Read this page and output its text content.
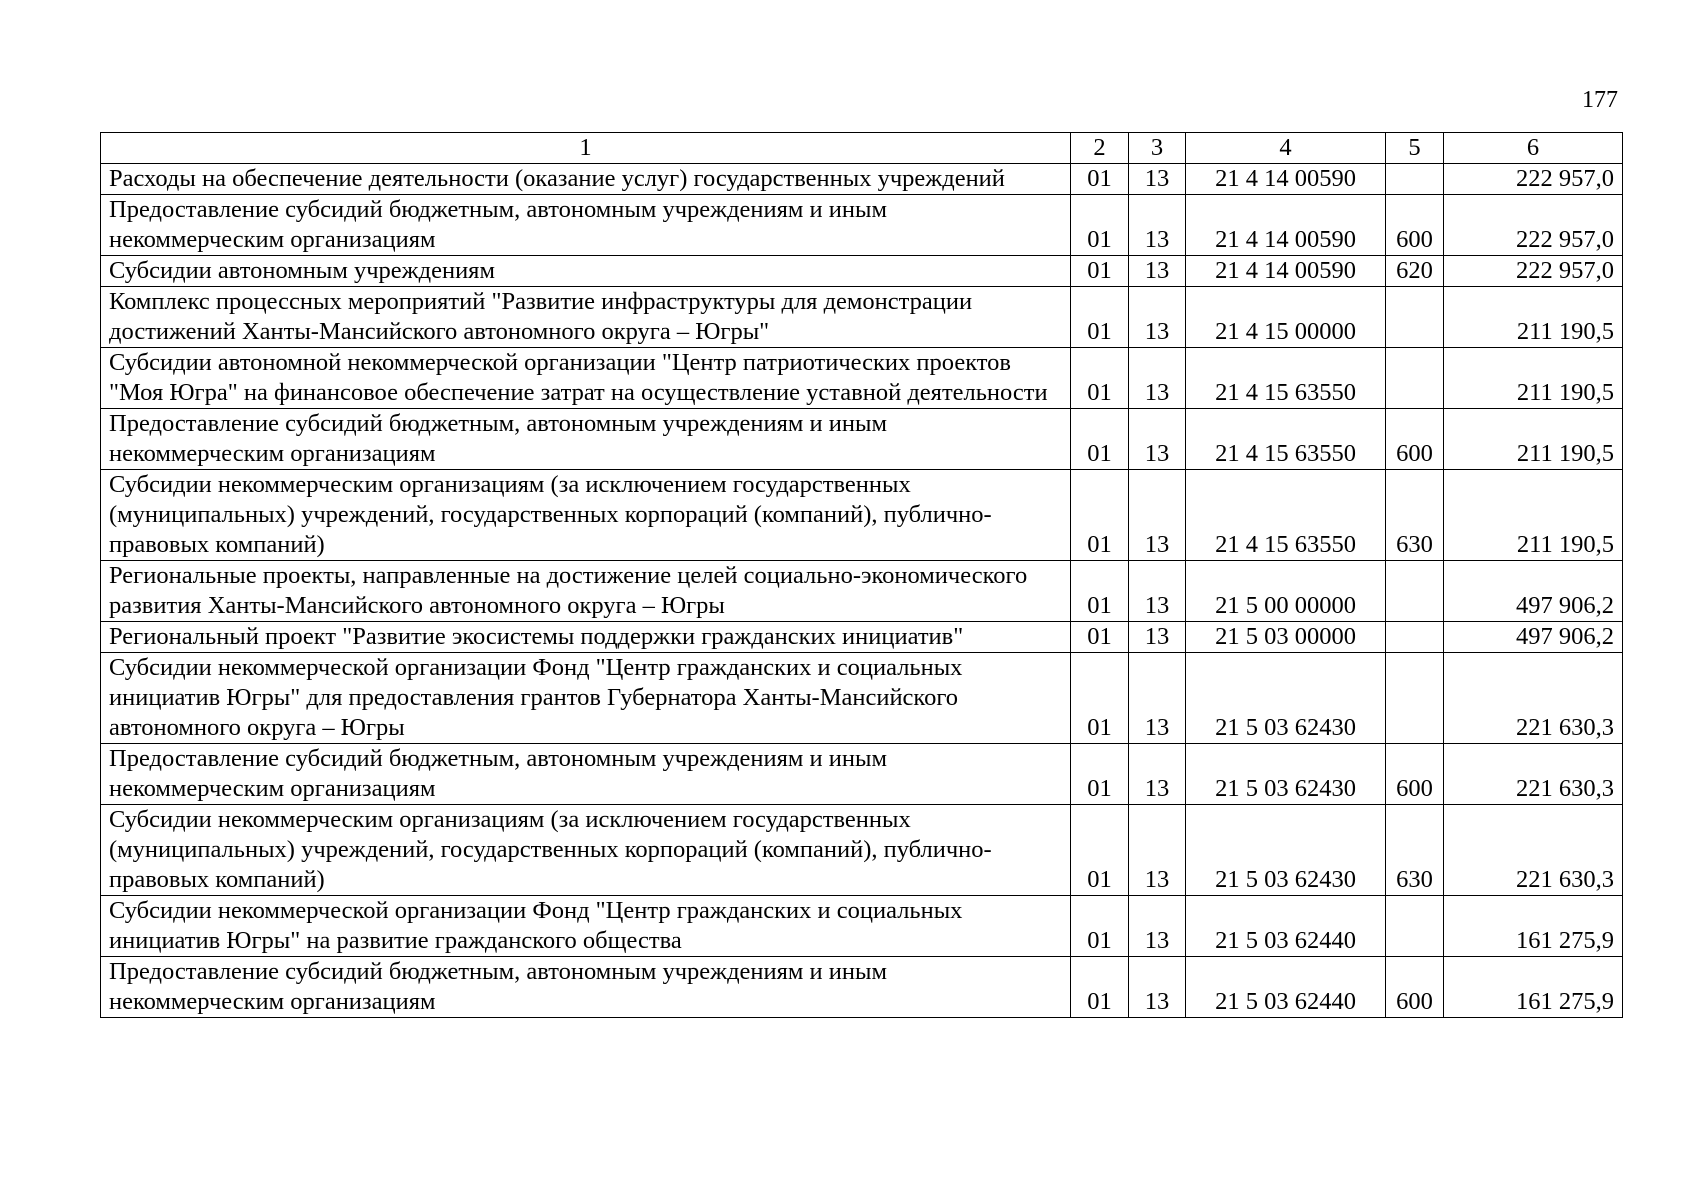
177
1	2	3	4	5	6
Расходы на обеспечение деятельности (оказание услуг) государственных учреждений	01	13	21 4 14 00590		222 957,0
Предоставление субсидий бюджетным, автономным учреждениям и иным некоммерческим организациям	01	13	21 4 14 00590	600	222 957,0
Субсидии автономным учреждениям	01	13	21 4 14 00590	620	222 957,0
Комплекс процессных мероприятий "Развитие инфраструктуры для демонстрации достижений Ханты-Мансийского автономного округа – Югры"	01	13	21 4 15 00000		211 190,5
Субсидии автономной некоммерческой организации "Центр патриотических проектов "Моя Югра" на финансовое обеспечение затрат на осуществление уставной деятельности	01	13	21 4 15 63550		211 190,5
Предоставление субсидий бюджетным, автономным учреждениям и иным некоммерческим организациям	01	13	21 4 15 63550	600	211 190,5
Субсидии некоммерческим организациям (за исключением государственных (муниципальных) учреждений, государственных корпораций (компаний), публично-правовых компаний)	01	13	21 4 15 63550	630	211 190,5
Региональные проекты, направленные на достижение целей социально-экономического развития Ханты-Мансийского автономного округа – Югры	01	13	21 5 00 00000		497 906,2
Региональный проект "Развитие экосистемы поддержки гражданских инициатив"	01	13	21 5 03 00000		497 906,2
Субсидии некоммерческой организации Фонд "Центр гражданских и социальных инициатив Югры" для предоставления грантов Губернатора Ханты-Мансийского автономного округа – Югры	01	13	21 5 03 62430		221 630,3
Предоставление субсидий бюджетным, автономным учреждениям и иным некоммерческим организациям	01	13	21 5 03 62430	600	221 630,3
Субсидии некоммерческим организациям (за исключением государственных (муниципальных) учреждений, государственных корпораций (компаний), публично-правовых компаний)	01	13	21 5 03 62430	630	221 630,3
Субсидии некоммерческой организации Фонд "Центр гражданских и социальных инициатив Югры" на развитие гражданского общества	01	13	21 5 03 62440		161 275,9
Предоставление субсидий бюджетным, автономным учреждениям и иным некоммерческим организациям	01	13	21 5 03 62440	600	161 275,9
